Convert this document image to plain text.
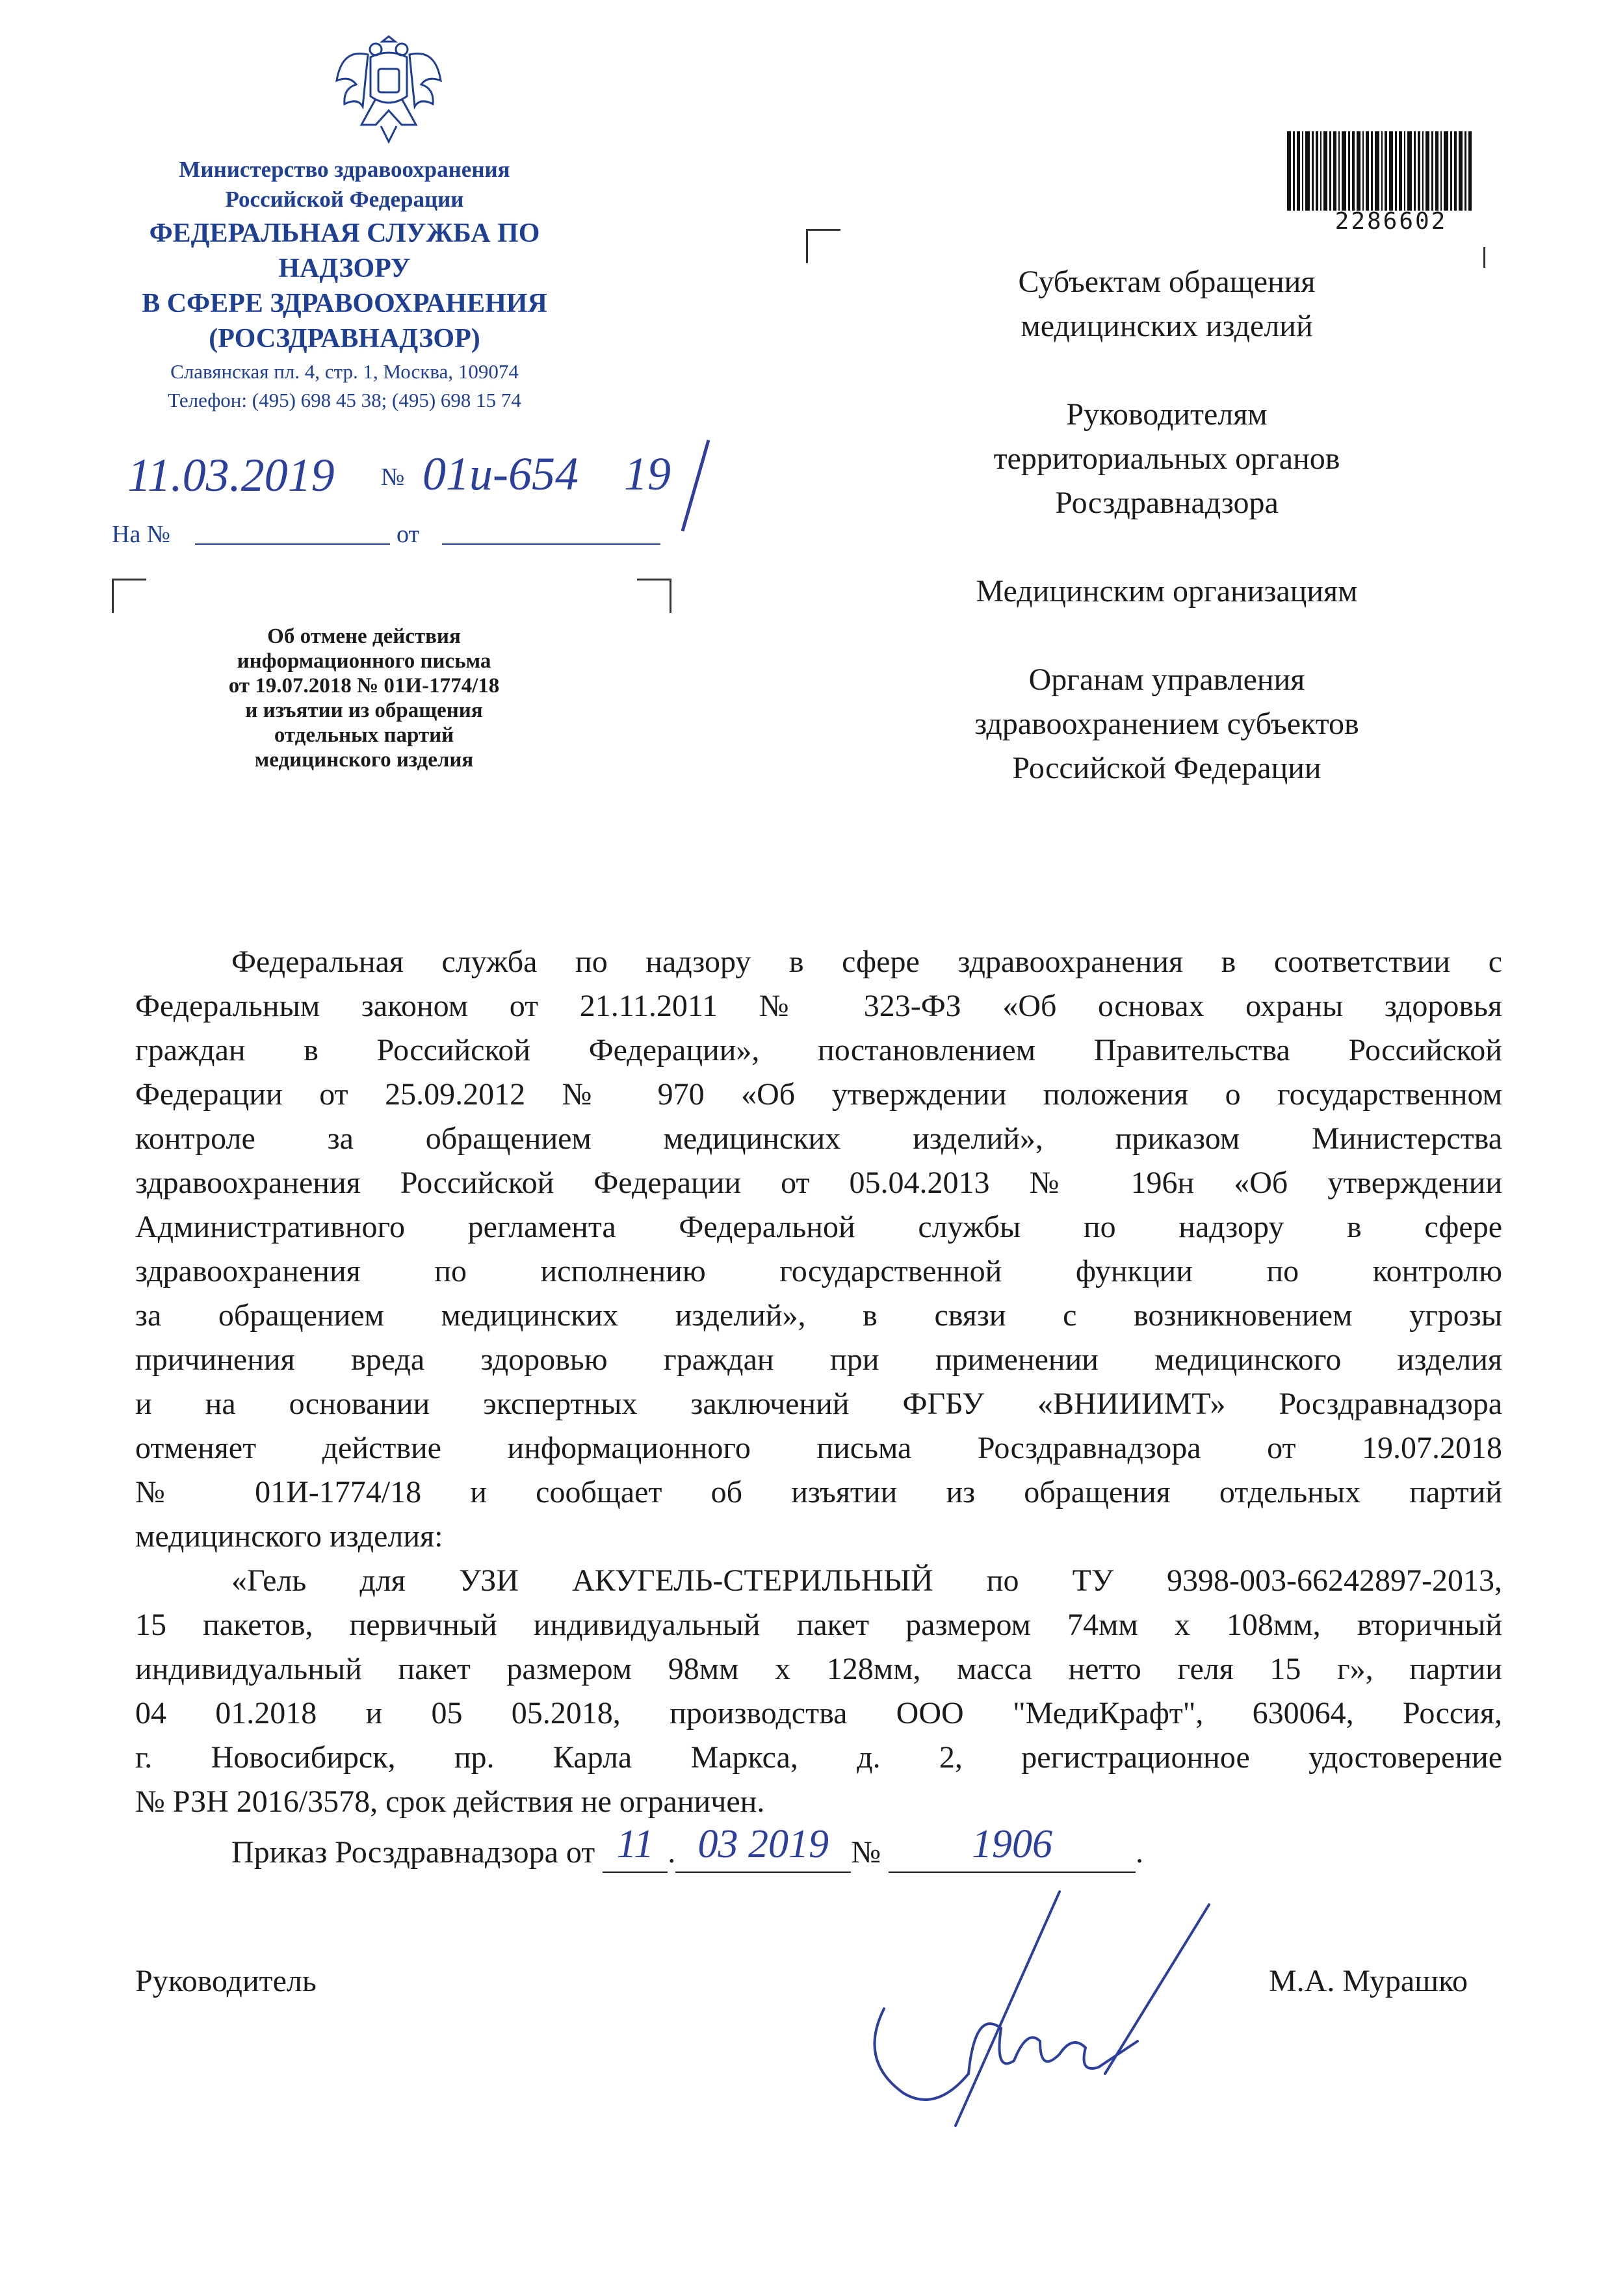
Министерство здравоохранения
Российской Федерации
ФЕДЕРАЛЬНАЯ СЛУЖБА ПО НАДЗОРУ
В СФЕРЕ ЗДРАВООХРАНЕНИЯ
(РОСЗДРАВНАДЗОР)
Славянская пл. 4, стр. 1, Москва, 109074
Телефон: (495) 698 45 38; (495) 698 15 74
11.03.2019 № 01и-654 19
На №	от
Об отмене действия
информационного письма
от 19.07.2018 № 01И-1774/18
и изъятии из обращения
отдельных партий
медицинского изделия
2286602
Субъектам обращения
медицинских изделий
Руководителям
территориальных органов
Росздравнадзора
Медицинским организациям
Органам управления
здравоохранением субъектов
Российской Федерации
Федеральная служба по надзору в сфере здравоохранения в соответствии с
Федеральным законом от 21.11.2011 № 323-ФЗ «Об основах охраны здоровья
граждан в Российской Федерации», постановлением Правительства Российской
Федерации от 25.09.2012 № 970 «Об утверждении положения о государственном
контроле за обращением медицинских изделий», приказом Министерства
здравоохранения Российской Федерации от 05.04.2013 № 196н «Об утверждении
Административного регламента Федеральной службы по надзору в сфере
здравоохранения по исполнению государственной функции по контролю
за обращением медицинских изделий», в связи с возникновением угрозы
причинения вреда здоровью граждан при применении медицинского изделия
и на основании экспертных заключений ФГБУ «ВНИИИМТ» Росздравнадзора
отменяет действие информационного письма Росздравнадзора от 19.07.2018
№ 01И-1774/18 и сообщает об изъятии из обращения отдельных партий
медицинского изделия:
«Гель для УЗИ АКУГЕЛЬ-СТЕРИЛЬНЫЙ по ТУ 9398-003-66242897-2013,
15 пакетов, первичный индивидуальный пакет размером 74мм х 108мм, вторичный
индивидуальный пакет размером 98мм х 128мм, масса нетто геля 15 г», партии
04 01.2018 и 05 05.2018, производства ООО "МедиКрафт", 630064, Россия,
г. Новосибирск, пр. Карла Маркса, д. 2, регистрационное удостоверение
№ РЗН 2016/3578, срок действия не ограничен.
Приказ Росздравнадзора от 11 . 03 2019 № 1906	.
Руководитель	М.А. Мурашко
